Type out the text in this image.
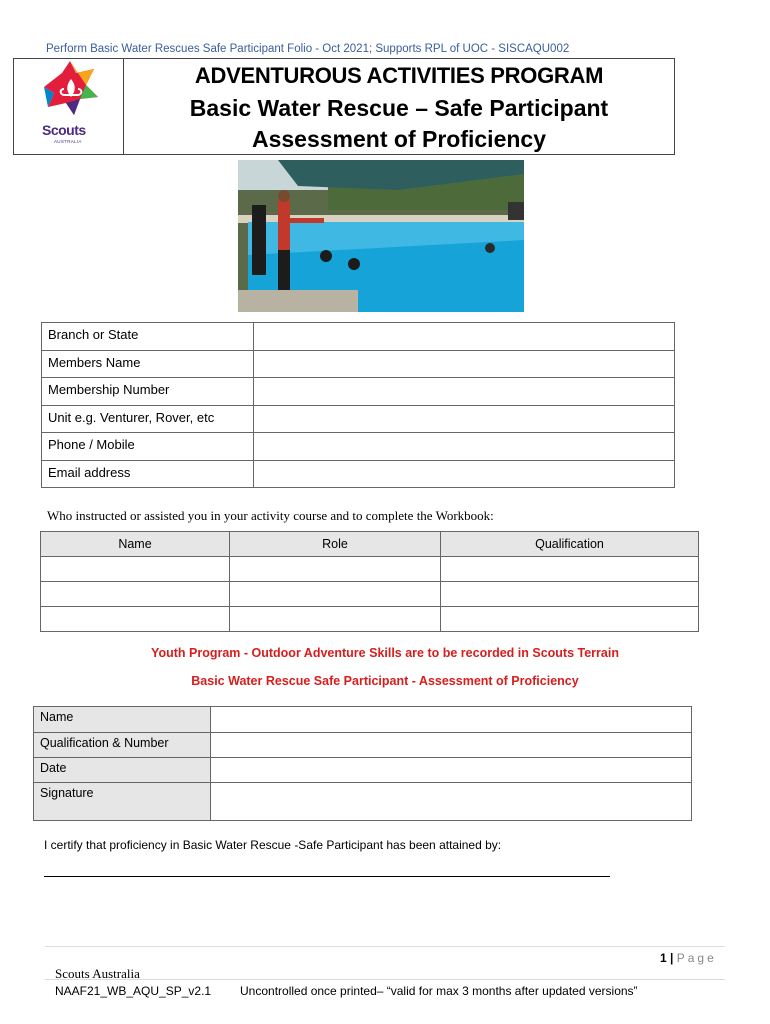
Perform Basic Water Rescues Safe Participant Folio - Oct 2021; Supports RPL of UOC - SISCAQU002
Scouts
AUSTRALIA
ADVENTUROUS ACTIVITIES PROGRAM
Basic Water Rescue – Safe Participant
Assessment of Proficiency
Branch or State	
Members Name	
Membership Number	
Unit e.g. Venturer, Rover, etc	
Phone / Mobile	
Email address	
Who instructed or assisted you in your activity course and to complete the Workbook:
Name	Role	Qualification

Youth Program - Outdoor Adventure Skills are to be recorded in Scouts Terrain
Basic Water Rescue Safe Participant - Assessment of Proficiency
Name	
Qualification & Number	
Date	
Signature	
I certify that proficiency in Basic Water Rescue -Safe Participant has been attained by:
1 | Page
Scouts Australia
NAAF21_WB_AQU_SP_v2.1 Uncontrolled once printed– “valid for max 3 months after updated versions”
